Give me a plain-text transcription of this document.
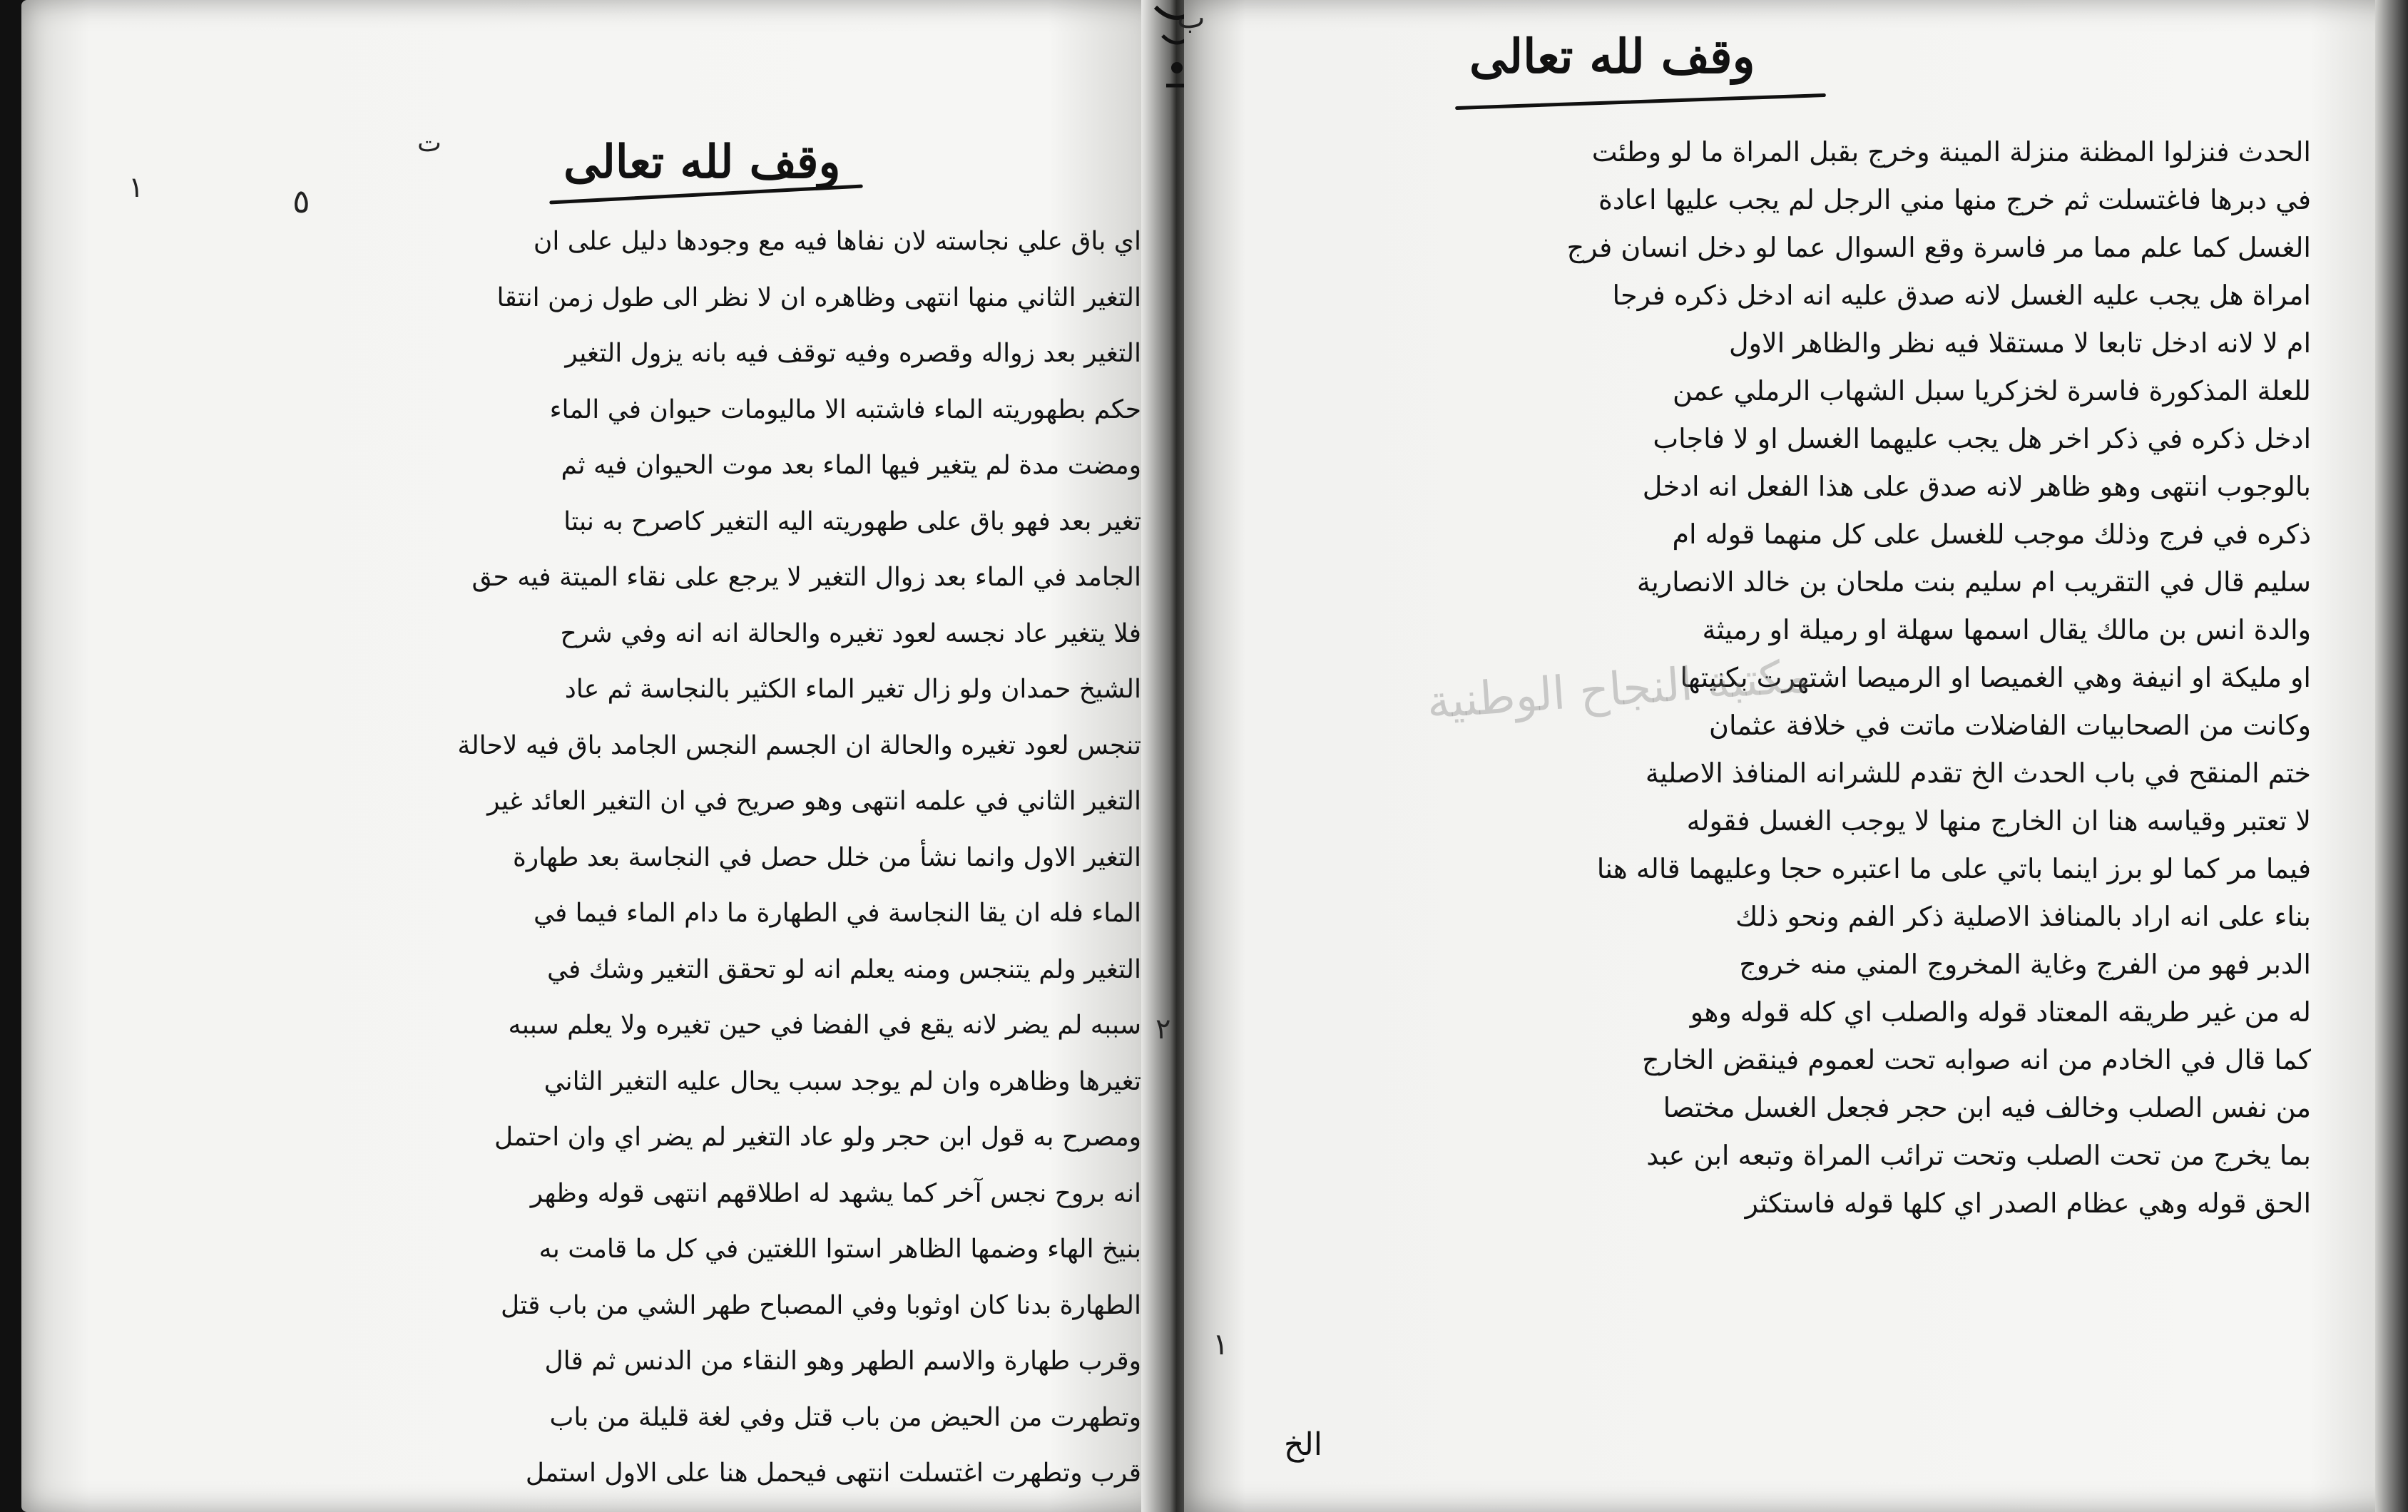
وقف لله تعالى
١	٥
ت
اي باق علي نجاسته لان نفاها فيه مع وجودها دليل على ان
التغير الثاني منها انتهى وظاهره ان لا نظر الى طول زمن انتقا
التغير بعد زواله وقصره وفيه توقف فيه بانه يزول التغير
حكم بطهوريته الماء فاشتبه الا ماليومات حيوان في الماء
ومضت مدة لم يتغير فيها الماء بعد موت الحيوان فيه ثم
تغير بعد فهو باق على طهوريته اليه التغير كاصرح به نبتا
الجامد في الماء بعد زوال التغير لا يرجع على نقاء الميتة فيه حق
فلا يتغير عاد نجسه لعود تغيره والحالة انه انه وفي شرح
الشيخ حمدان ولو زال تغير الماء الكثير بالنجاسة ثم عاد
تنجس لعود تغيره والحالة ان الجسم النجس الجامد باق فيه لاحالة
التغير الثاني في علمه انتهى وهو صريح في ان التغير العائد غير
التغير الاول وانما نشأ من خلل حصل في النجاسة بعد طهارة
الماء فله ان يقا النجاسة في الطهارة ما دام الماء فيما في
التغير ولم يتنجس ومنه يعلم انه لو تحقق التغير وشك في
سببه لم يضر لانه يقع في الفضا في حين تغيره ولا يعلم سببه
تغيرها وظاهره وان لم يوجد سبب يحال عليه التغير الثاني
ومصرح به قول ابن حجر ولو عاد التغير لم يضر اي وان احتمل
انه بروح نجس آخر كما يشهد له اطلاقهم انتهى قوله وظهر
بنيخ الهاء وضمها الظاهر استوا اللغتين في كل ما قامت به
الطهارة بدنا كان اوثوبا وفي المصباح طهر الشي من باب قتل
وقرب طهارة والاسم الطهر وهو النقاء من الدنس ثم قال
وتطهرت من الحيض من باب قتل وفي لغة قليلة من باب
قرب وتطهرت اغتسلت انتهى فيحمل هنا على الاول استمل
وقف لله تعالى
الحدث فنزلوا المظنة منزلة المينة وخرج بقبل المراة ما لو وطئت
في دبرها فاغتسلت ثم خرج منها مني الرجل لم يجب عليها اعادة
الغسل كما علم مما مر فاسرة وقع السوال عما لو دخل انسان فرج
امراة هل يجب عليه الغسل لانه صدق عليه انه ادخل ذكره فرجا
ام لا لانه ادخل تابعا لا مستقلا فيه نظر والظاهر الاول
للعلة المذكورة فاسرة لخزكريا سبل الشهاب الرملي عمن
ادخل ذكره في ذكر اخر هل يجب عليهما الغسل او لا فاجاب
بالوجوب انتهى وهو ظاهر لانه صدق على هذا الفعل انه ادخل
ذكره في فرج وذلك موجب للغسل على كل منهما قوله ام
سليم قال في التقريب ام سليم بنت ملحان بن خالد الانصارية
والدة انس بن مالك يقال اسمها سهلة او رميلة او رميثة
او مليكة او انيفة وهي الغميصا او الرميصا اشتهرت بكنيتها
وكانت من الصحابيات الفاضلات ماتت في خلافة عثمان
ختم المنقح في باب الحدث الخ تقدم للشرانه المنافذ الاصلية
لا تعتبر وقياسه هنا ان الخارج منها لا يوجب الغسل فقوله
فيما مر كما لو برز اينما باتي على ما اعتبره حجا وعليهما قاله هنا
بناء على انه اراد بالمنافذ الاصلية ذكر الفم ونحو ذلك
الدبر فهو من الفرج وغاية المخروج المني منه خروج
له من غير طريقه المعتاد قوله والصلب اي كله قوله وهو
كما قال في الخادم من انه صوابه تحت لعموم فينقض الخارج
من نفس الصلب وخالف فيه ابن حجر فجعل الغسل مختصا
بما يخرج من تحت الصلب وتحت ترائب المراة وتبعه ابن عبد
الحق قوله وهي عظام الصدر اي كلها قوله فاستكثر
مكتبة النجاح الوطنية
الخ
١
٢
ب
